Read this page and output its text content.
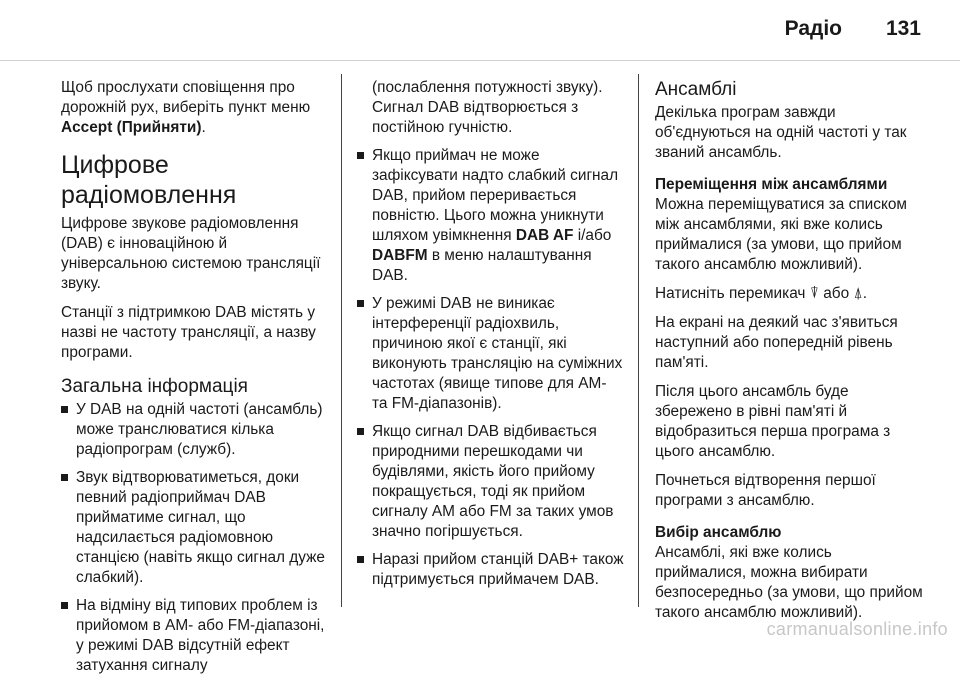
Радіо 131

Щоб прослухати сповіщення про дорожній рух, виберіть пункт меню Accept (Прийняти).

Цифрове радіомовлення

Цифрове звукове радіомовлення (DAB) є інноваційною й універсальною системою трансляції звуку.

Станції з підтримкою DAB містять у назві не частоту трансляції, а назву програми.

Загальна інформація
У DAB на одній частоті (ансамбль) може транслюватися кілька радіопрограм (служб).
Звук відтворюватиметься, доки певний радіоприймач DAB прийматиме сигнал, що надсилається радіомовною станцією (навіть якщо сигнал дуже слабкий).
На відміну від типових проблем із прийомом в AM- або FM-діапазоні, у режимі DAB відсутній ефект затухання сигналу

(послаблення потужності звуку). Сигнал DAB відтворюється з постійною гучністю.

Якщо приймач не може зафіксувати надто слабкий сигнал DAB, прийом переривається повністю. Цього можна уникнути шляхом увімкнення DAB AF і/або DABFM в меню налаштування DAB.
У режимі DAB не виникає інтерференції радіохвиль, причиною якої є станції, які виконують трансляцію на суміжних частотах (явище типове для AM- та FM-діапазонів).
Якщо сигнал DAB відбивається природними перешкодами чи будівлями, якість його прийому покращується, тоді як прийом сигналу AM або FM за таких умов значно погіршується.
Наразі прийом станцій DAB+ також підтримується приймачем DAB.
Ансамблі

Декілька програм завжди об'єднуються на одній частоті у так званий ансамбль.

Переміщення між ансамблями

Можна переміщуватися за списком між ансамблями, які вже колись приймалися (за умови, що прийом такого ансамблю можливий).

Натисніть перемикач ⍒ або ⍋.

На екрані на деякий час з'явиться наступний або попередній рівень пам'яті.

Після цього ансамбль буде збережено в рівні пам'яті й відобразиться перша програма з цього ансамблю.

Почнеться відтворення першої програми з ансамблю.

Вибір ансамблю

Ансамблі, які вже колись приймалися, можна вибирати безпосередньо (за умови, що прийом такого ансамблю можливий).

carmanualsonline.info
